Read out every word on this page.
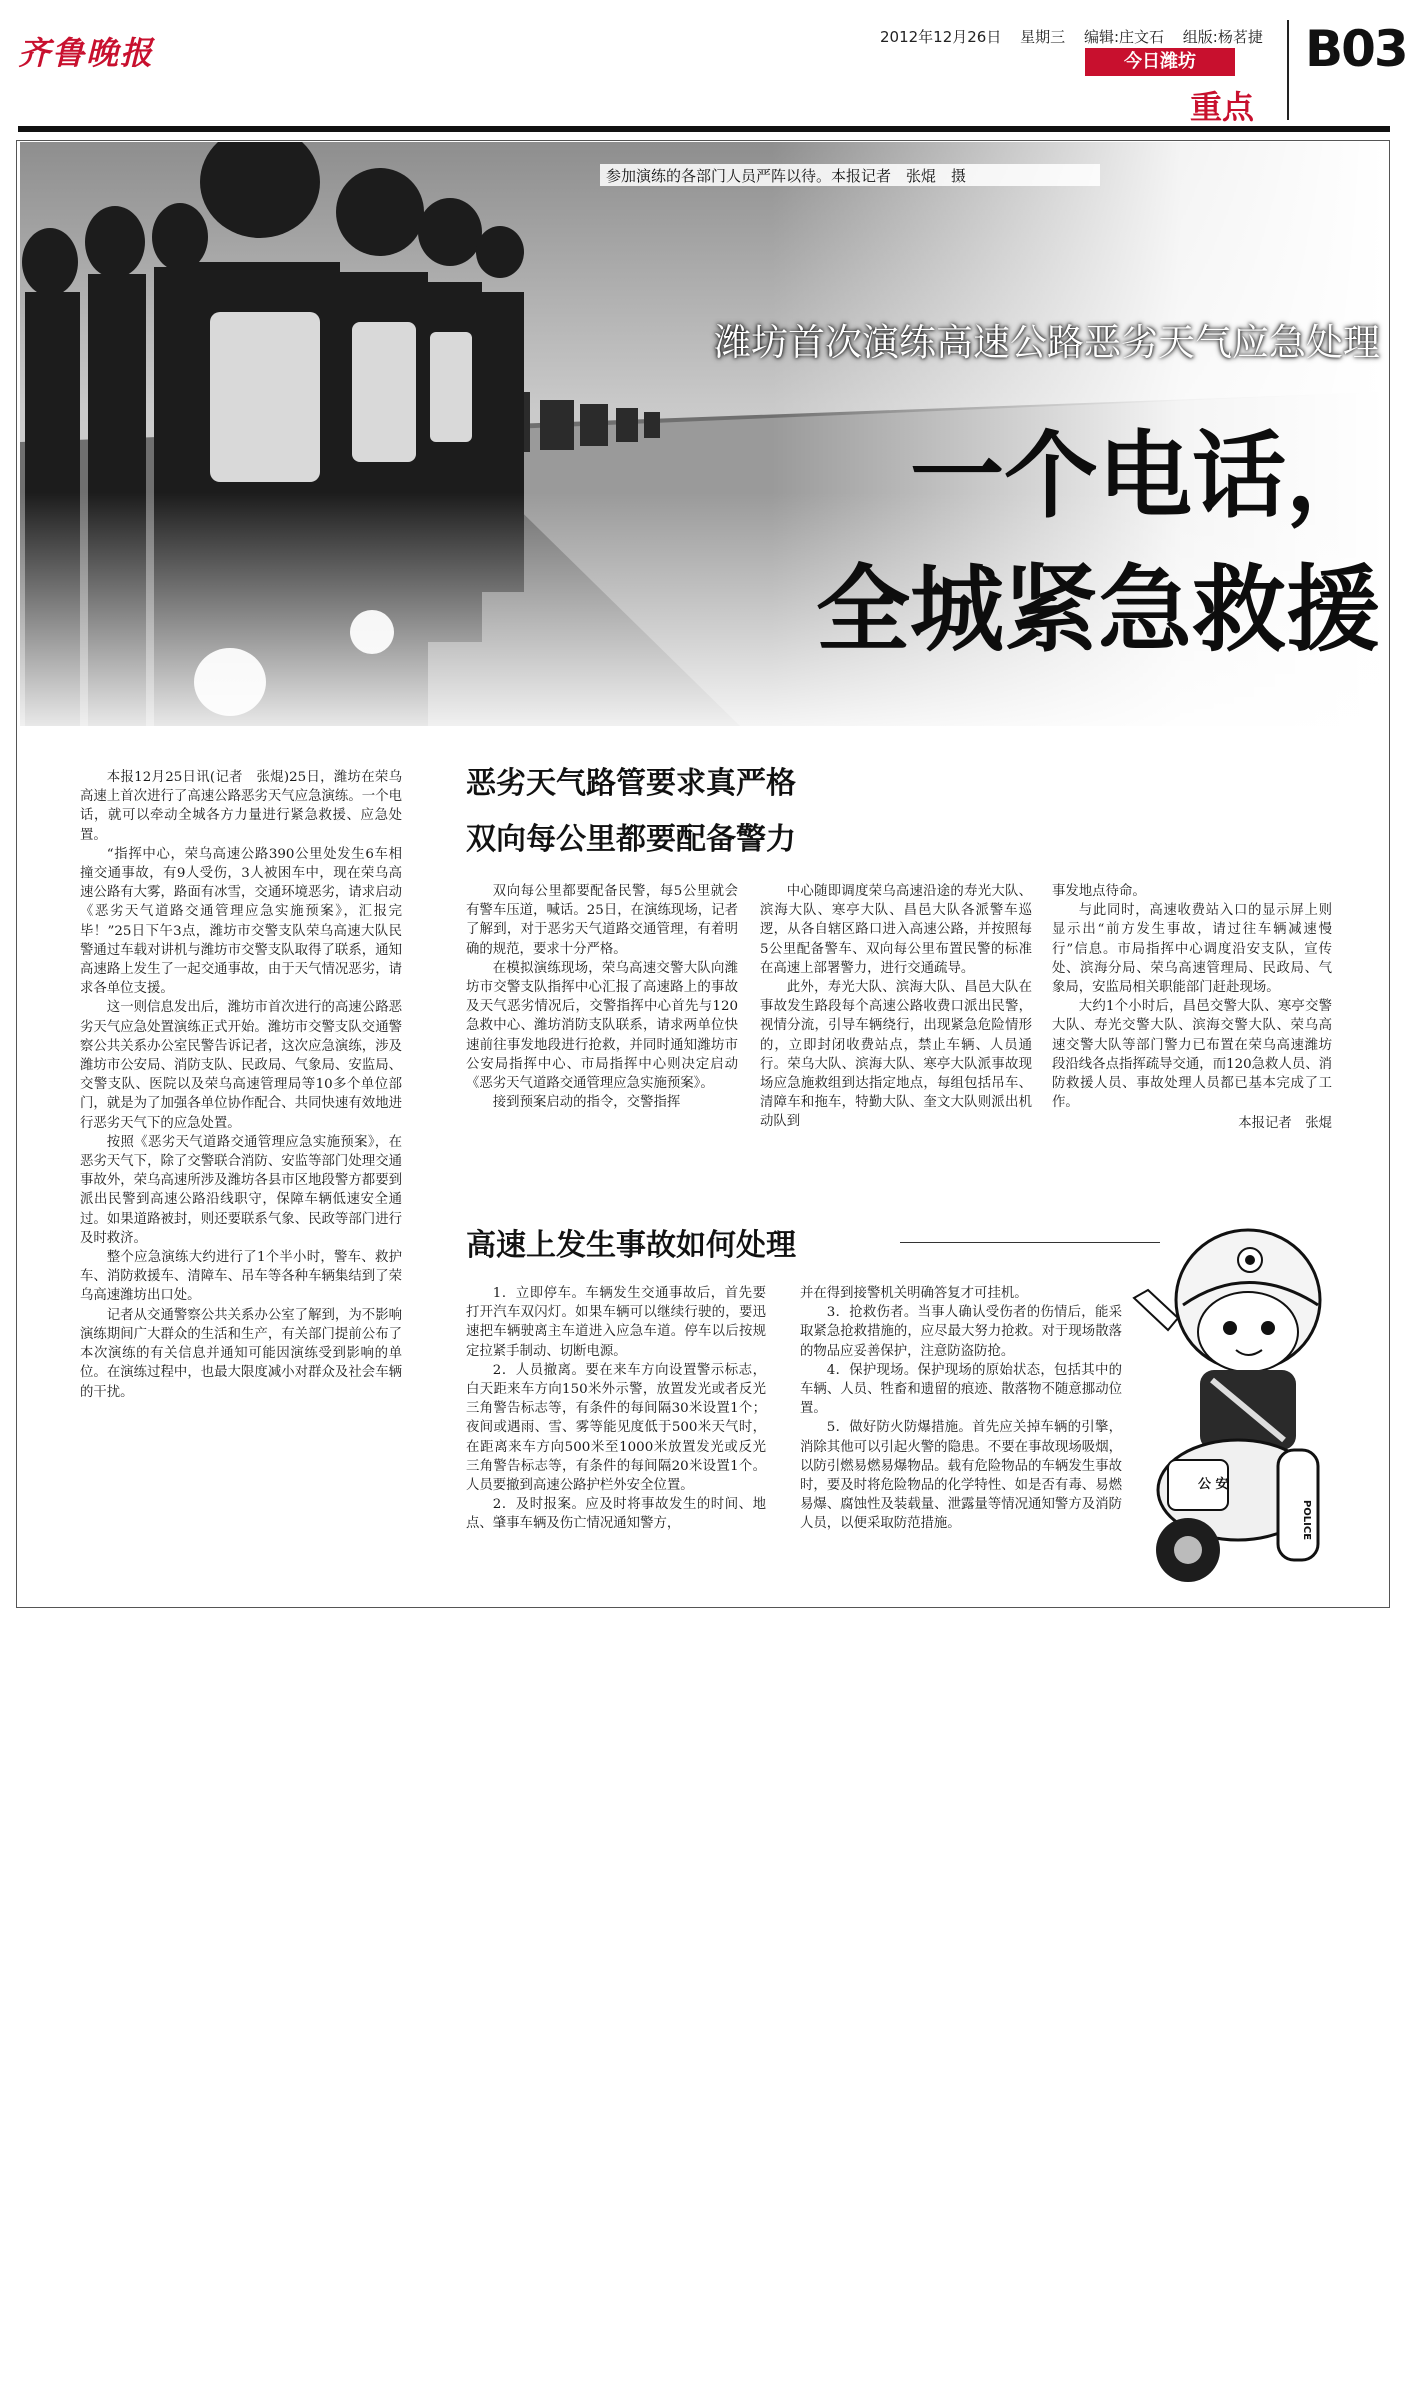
齐鲁晚报	2012年12月26日 星期三 编辑:庄文石 组版:杨茗捷
今日潍坊
重点
B03
参加演练的各部门人员严阵以待。本报记者　张焜　摄
潍坊首次演练高速公路恶劣天气应急处理
一个电话，
全城紧急救援

本报12月25日讯(记者　张焜)25日，潍坊在荣乌高速上首次进行了高速公路恶劣天气应急演练。一个电话，就可以牵动全城各方力量进行紧急救援、应急处置。

“指挥中心，荣乌高速公路390公里处发生6车相撞交通事故，有9人受伤，3人被困车中，现在荣乌高速公路有大雾，路面有冰雪，交通环境恶劣，请求启动《恶劣天气道路交通管理应急实施预案》，汇报完毕！”25日下午3点，潍坊市交警支队荣乌高速大队民警通过车载对讲机与潍坊市交警支队取得了联系，通知高速路上发生了一起交通事故，由于天气情况恶劣，请求各单位支援。

这一则信息发出后，潍坊市首次进行的高速公路恶劣天气应急处置演练正式开始。潍坊市交警支队交通警察公共关系办公室民警告诉记者，这次应急演练，涉及潍坊市公安局、消防支队、民政局、气象局、安监局、交警支队、医院以及荣乌高速管理局等10多个单位部门，就是为了加强各单位协作配合、共同快速有效地进行恶劣天气下的应急处置。

按照《恶劣天气道路交通管理应急实施预案》，在恶劣天气下，除了交警联合消防、安监等部门处理交通事故外，荣乌高速所涉及潍坊各县市区地段警方都要到派出民警到高速公路沿线职守，保障车辆低速安全通过。如果道路被封，则还要联系气象、民政等部门进行及时救济。

整个应急演练大约进行了1个半小时，警车、救护车、消防救援车、清障车、吊车等各种车辆集结到了荣乌高速潍坊出口处。

记者从交通警察公共关系办公室了解到，为不影响演练期间广大群众的生活和生产，有关部门提前公布了本次演练的有关信息并通知可能因演练受到影响的单位。在演练过程中，也最大限度减小对群众及社会车辆的干扰。

恶劣天气路管要求真严格
双向每公里都要配备警力

双向每公里都要配备民警，每5公里就会有警车压道，喊话。25日，在演练现场，记者了解到，对于恶劣天气道路交通管理，有着明确的规范，要求十分严格。

在模拟演练现场，荣乌高速交警大队向潍坊市交警支队指挥中心汇报了高速路上的事故及天气恶劣情况后，交警指挥中心首先与120急救中心、潍坊消防支队联系，请求两单位快速前往事发地段进行抢救，并同时通知潍坊市公安局指挥中心、市局指挥中心则决定启动《恶劣天气道路交通管理应急实施预案》。

接到预案启动的指令，交警指挥

中心随即调度荣乌高速沿途的寿光大队、滨海大队、寒亭大队、昌邑大队各派警车巡逻，从各自辖区路口进入高速公路，并按照每5公里配备警车、双向每公里布置民警的标准在高速上部署警力，进行交通疏导。

此外，寿光大队、滨海大队、昌邑大队在事故发生路段每个高速公路收费口派出民警，视情分流，引导车辆绕行，出现紧急危险情形的，立即封闭收费站点，禁止车辆、人员通行。荣乌大队、滨海大队、寒亭大队派事故现场应急施救组到达指定地点，每组包括吊车、清障车和拖车，特勤大队、奎文大队则派出机动队到

事发地点待命。

与此同时，高速收费站入口的显示屏上则显示出“前方发生事故，请过往车辆减速慢行”信息。市局指挥中心调度沿安支队，宣传处、滨海分局、荣乌高速管理局、民政局、气象局，安监局相关职能部门赶赴现场。

大约1个小时后，昌邑交警大队、寒亭交警大队、寿光交警大队、滨海交警大队、荣乌高速交警大队等部门警力已布置在荣乌高速潍坊段沿线各点指挥疏导交通，而120急救人员、消防救援人员、事故处理人员都已基本完成了工作。

本报记者　张焜

高速上发生事故如何处理

1．立即停车。车辆发生交通事故后，首先要打开汽车双闪灯。如果车辆可以继续行驶的，要迅速把车辆驶离主车道进入应急车道。停车以后按规定拉紧手制动、切断电源。

2．人员撤离。要在来车方向设置警示标志，白天距来车方向150米外示警，放置发光或者反光三角警告标志等，有条件的每间隔30米设置1个；夜间或遇雨、雪、雾等能见度低于500米天气时，在距离来车方向500米至1000米放置发光或反光三角警告标志等，有条件的每间隔20米设置1个。人员要撤到高速公路护栏外安全位置。

2．及时报案。应及时将事故发生的时间、地点、肇事车辆及伤亡情况通知警方，

并在得到接警机关明确答复才可挂机。

3．抢救伤者。当事人确认受伤者的伤情后，能采取紧急抢救措施的，应尽最大努力抢救。对于现场散落的物品应妥善保护，注意防盗防抢。

4．保护现场。保护现场的原始状态，包括其中的车辆、人员、牲畜和遗留的痕迹、散落物不随意挪动位置。

5．做好防火防爆措施。首先应关掉车辆的引擎，消除其他可以引起火警的隐患。不要在事故现场吸烟，以防引燃易燃易爆物品。载有危险物品的车辆发生事故时，要及时将危险物品的化学特性、如是否有毒、易燃易爆、腐蚀性及装载量、泄露量等情况通知警方及消防人员，以便采取防范措施。

公 安
POLICE
